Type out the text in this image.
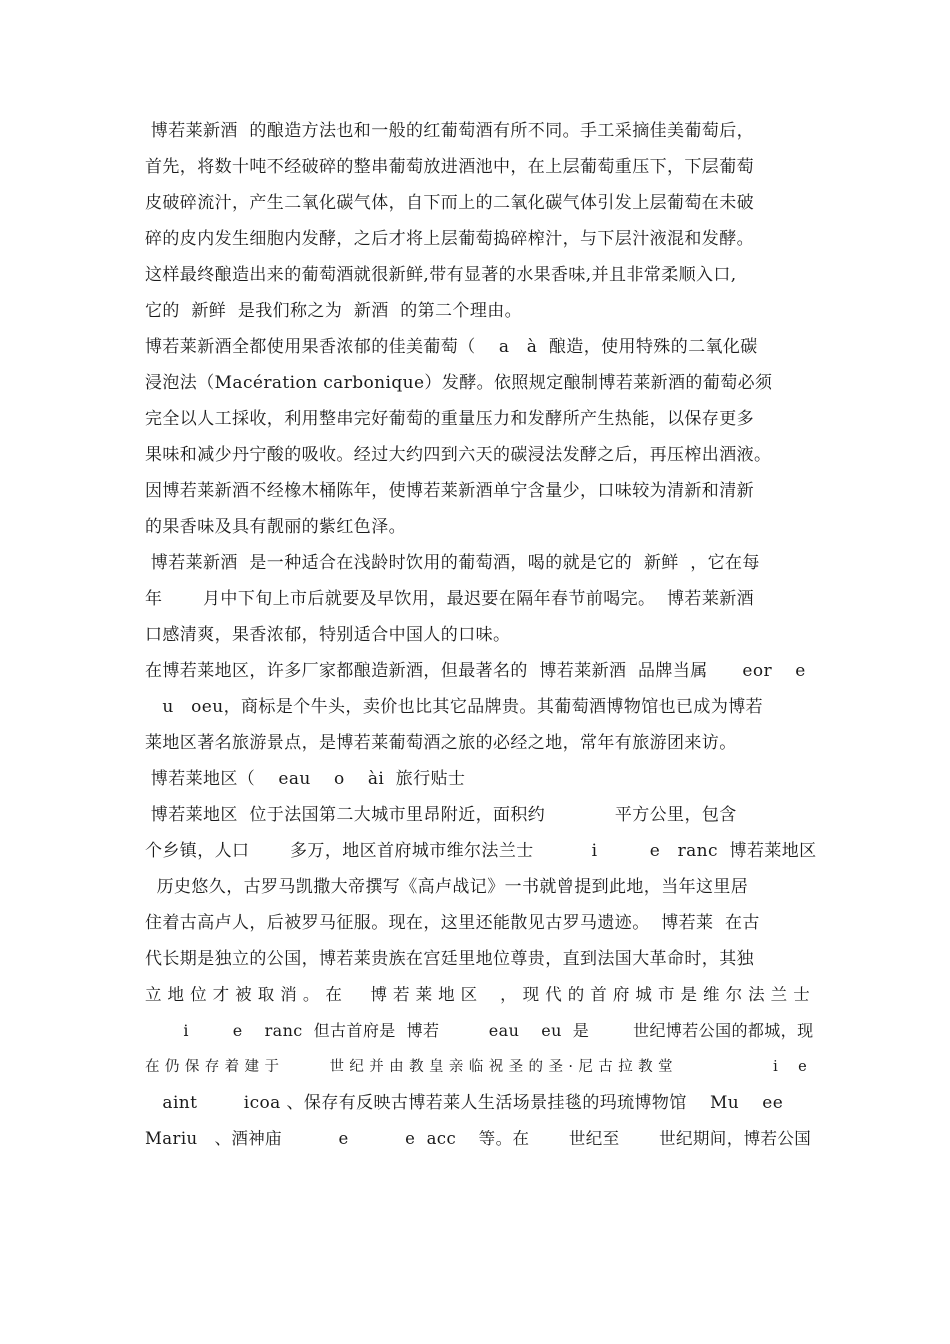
博若莱新酒  的酿造方法也和一般的红葡萄酒有所不同。手工采摘佳美葡萄后，
首先，将数十吨不经破碎的整串葡萄放进酒池中，在上层葡萄重压下，下层葡萄
皮破碎流汁，产生二氧化碳气体，自下而上的二氧化碳气体引发上层葡萄在未破
碎的皮内发生细胞内发酵，之后才将上层葡萄捣碎榨汁，与下层汁液混和发酵。
这样最终酿造出来的葡萄酒就很新鲜,带有显著的水果香味,并且非常柔顺入口,
它的  新鲜  是我们称之为  新酒  的第二个理由。
博若莱新酒全都使用果香浓郁的佳美葡萄（    a   à  酿造，使用特殊的二氧化碳
浸泡法（Macération carbonique）发酵。依照规定酿制博若莱新酒的葡萄必须
完全以人工採收，利用整串完好葡萄的重量压力和发酵所产生热能，以保存更多
果味和减少丹宁酸的吸收。经过大约四到六天的碳浸法发酵之后，再压榨出酒液。
因博若莱新酒不经橡木桶陈年，使博若莱新酒单宁含量少，口味较为清新和清新
的果香味及具有靓丽的紫红色泽。
博若莱新酒  是一种适合在浅龄时饮用的葡萄酒，喝的就是它的  新鲜  ，它在每
年       月中下旬上市后就要及早饮用，最迟要在隔年春节前喝完。  博若莱新酒
口感清爽，果香浓郁，特别适合中国人的口味。
在博若莱地区，许多厂家都酿造新酒，但最著名的  博若莱新酒  品牌当属      eor    e
u   oeu，商标是个牛头，卖价也比其它品牌贵。其葡萄酒博物馆也已成为博若
莱地区著名旅游景点，是博若莱葡萄酒之旅的必经之地，常年有旅游团来访。
博若莱地区（    eau    o    ài  旅行贴士
博若莱地区  位于法国第二大城市里昂附近，面积约            平方公里，包含
个乡镇，人口       多万，地区首府城市维尔法兰士          i         e   ranc  博若莱地区
历史悠久，古罗马凯撒大帝撰写《高卢战记》一书就曾提到此地，当年这里居
住着古高卢人，后被罗马征服。现在，这里还能散见古罗马遗迹。  博若莱  在古
代长期是独立的公国，博若莱贵族在宫廷里地位尊贵，直到法国大革命时，其独
立 地 位 才 被 取 消 。 在     博 若 莱 地 区    ， 现 代 的 首 府 城 市 是 维 尔 法 兰 士
i        e    ranc  但古首府是  博若         eau    eu  是        世纪博若公国的都城，现
在 仍 保 存 着 建 于          世 纪 并 由 教 皇 亲 临 祝 圣 的 圣 · 尼 古 拉 教 堂                    i    e
aint        icoa 、保存有反映古博若莱人生活场景挂毯的玛琉博物馆    Mu    ee
Mariu   、酒神庙          e          e  acc    等。在       世纪至       世纪期间，博若公国
